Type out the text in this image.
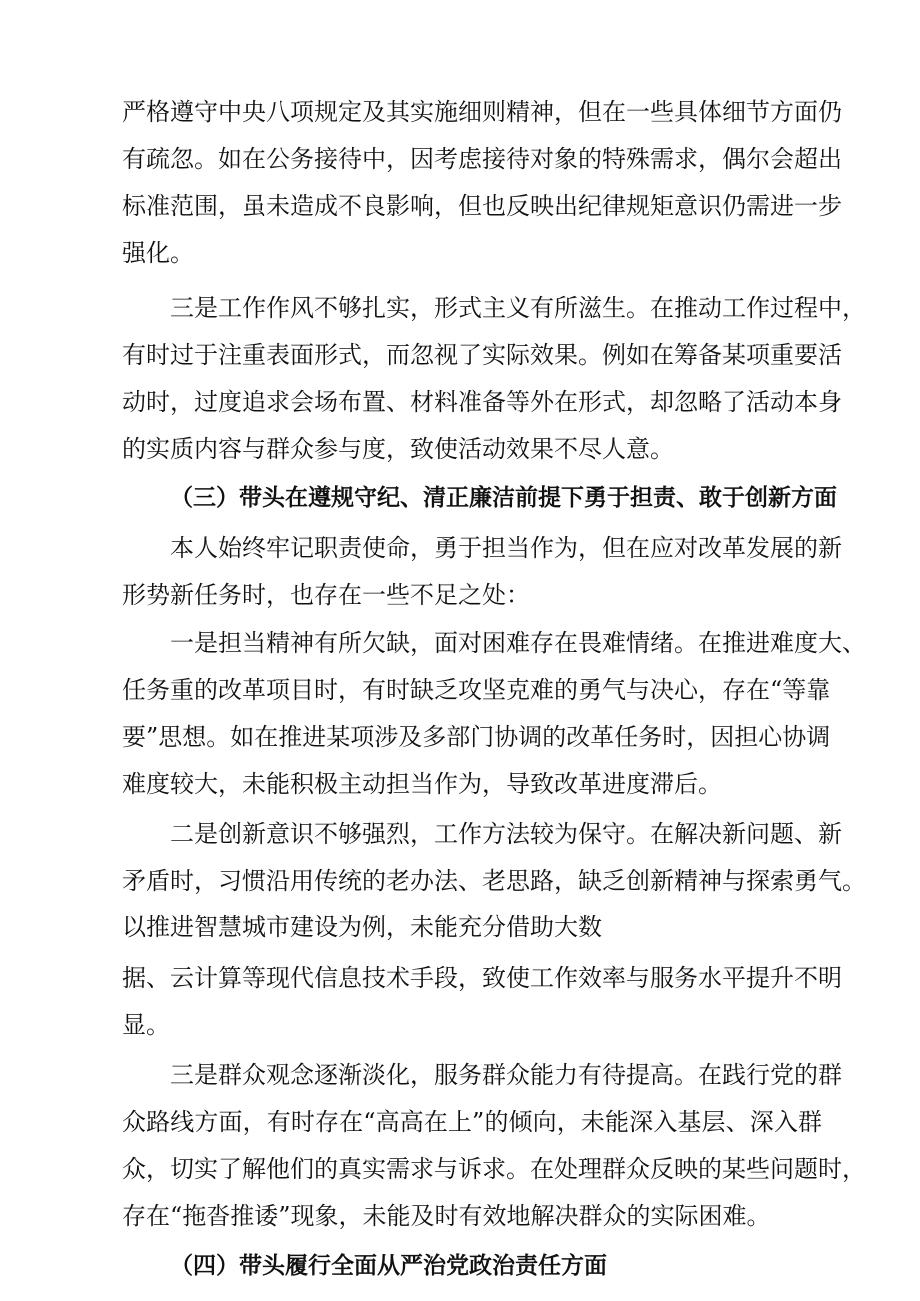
严格遵守中央八项规定及其实施细则精神，但在一些具体细节方面仍
有疏忽。如在公务接待中，因考虑接待对象的特殊需求，偶尔会超出
标准范围，虽未造成不良影响，但也反映出纪律规矩意识仍需进一步
强化。
三是工作作风不够扎实，形式主义有所滋生。在推动工作过程中，
有时过于注重表面形式，而忽视了实际效果。例如在筹备某项重要活
动时，过度追求会场布置、材料准备等外在形式，却忽略了活动本身
的实质内容与群众参与度，致使活动效果不尽人意。
（三）带头在遵规守纪、清正廉洁前提下勇于担责、敢于创新方面
本人始终牢记职责使命，勇于担当作为，但在应对改革发展的新
形势新任务时，也存在一些不足之处：
一是担当精神有所欠缺，面对困难存在畏难情绪。在推进难度大、
任务重的改革项目时，有时缺乏攻坚克难的勇气与决心，存在“等靠
要”思想。如在推进某项涉及多部门协调的改革任务时，因担心协调
难度较大，未能积极主动担当作为，导致改革进度滞后。
二是创新意识不够强烈，工作方法较为保守。在解决新问题、新
矛盾时，习惯沿用传统的老办法、老思路，缺乏创新精神与探索勇气。
以推进智慧城市建设为例，未能充分借助大数
据、云计算等现代信息技术手段，致使工作效率与服务水平提升不明
显。
三是群众观念逐渐淡化，服务群众能力有待提高。在践行党的群
众路线方面，有时存在“高高在上”的倾向，未能深入基层、深入群
众，切实了解他们的真实需求与诉求。在处理群众反映的某些问题时，
存在“拖沓推诿”现象，未能及时有效地解决群众的实际困难。
（四）带头履行全面从严治党政治责任方面
